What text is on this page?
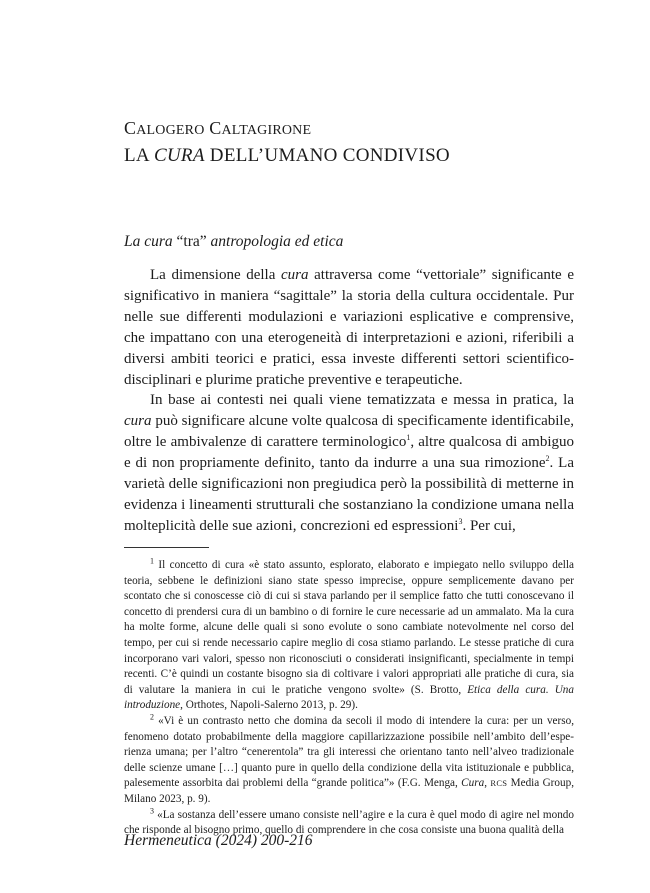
CALOGERO CALTAGIRONE
LA CURA DELL’UMANO CONDIVISO
La cura “tra” antropologia ed etica

La dimensione della cura attraversa come “vettoriale” significante e significativo in maniera “sagittale” la storia della cultura occidentale. Pur nelle sue differenti modulazioni e variazioni esplicative e comprensive, che impattano con una eterogeneità di interpretazioni e azioni, riferibili a diversi ambiti teorici e pratici, essa investe differenti settori scientifico-disciplinari e plurime pratiche preventive e terapeutiche.

In base ai contesti nei quali viene tematizzata e messa in pratica, la cura può significare alcune volte qualcosa di specificamente identificabile, oltre le ambivalenze di carattere terminologico$^1$, altre qualcosa di ambiguo e di non propriamente definito, tanto da indurre a una sua rimozione$^2$. La varietà delle significazioni non pregiudica però la possibilità di metterne in evidenza i lineamenti strutturali che sostanziano la condizione umana nella molteplicità delle sue azioni, concrezioni ed espressioni$^3$. Per cui,

$^1$ Il concetto di cura «è stato assunto, esplorato, elaborato e impiegato nello sviluppo della teoria, sebbene le definizioni siano state spesso imprecise, oppure semplicemente davano per scontato che si conoscesse ciò di cui si stava parlando per il semplice fatto che tutti conoscevano il concetto di prendersi cura di un bambino o di fornire le cure necessarie ad un ammalato. Ma la cura ha molte forme, alcune delle quali si sono evolute o sono cambiate notevolmente nel corso del tempo, per cui si rende necessario capire meglio di cosa stiamo parlando. Le stesse pratiche di cura incorporano vari valori, spesso non riconosciuti o considerati insignificanti, specialmente in tempi recenti. C’è quindi un costante bisogno sia di coltivare i valori appropriati alle pratiche di cura, sia di valutare la maniera in cui le pratiche vengono svolte» (S. Brotto, Etica della cura. Una introduzione, Orthotes, Napoli-Salerno 2013, p. 29).

$^2$ «Vi è un contrasto netto che domina da secoli il modo di intendere la cura: per un verso, fenomeno dotato probabilmente della maggiore capillarizzazione possibile nell’ambito dell’esperienza umana; per l’altro “cenerentola” tra gli interessi che orientano tanto nell’alveo tradizionale delle scienze umane […] quanto pure in quello della condizione della vita istituzionale e pubblica, palesemente assorbita dai problemi della “grande politica”» (F.G. Menga, Cura, RCS Media Group, Milano 2023, p. 9).

$^3$ «La sostanza dell’essere umano consiste nell’agire e la cura è quel modo di agire nel mondo che risponde al bisogno primo, quello di comprendere in che cosa consiste una buona qualità della

Hermeneutica (2024) 200-216
